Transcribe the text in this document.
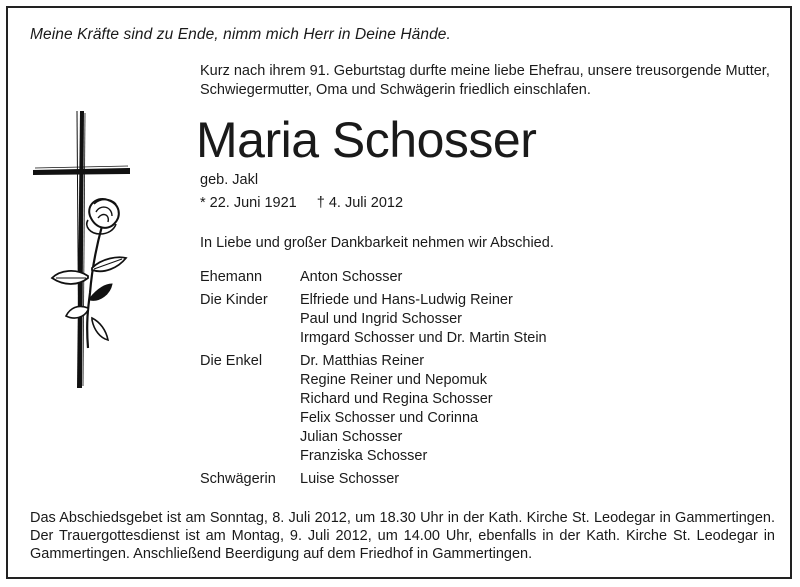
Meine Kräfte sind zu Ende, nimm mich Herr in Deine Hände.
Kurz nach ihrem 91. Geburtstag durfte meine liebe Ehefrau, unsere treusorgende Mutter, Schwiegermutter, Oma und Schwägerin friedlich einschlafen.
Maria Schosser
geb. Jakl
* 22. Juni 1921 † 4. Juli 2012
In Liebe und großer Dankbarkeit nehmen wir Abschied.
Ehemann	Anton Schosser
Die Kinder	Elfriede und Hans-Ludwig Reiner
Paul und Ingrid Schosser
Irmgard Schosser und Dr. Martin Stein
Die Enkel	Dr. Matthias Reiner
Regine Reiner und Nepomuk
Richard und Regina Schosser
Felix Schosser und Corinna
Julian Schosser
Franziska Schosser
Schwägerin	Luise Schosser
Das Abschiedsgebet ist am Sonntag, 8. Juli 2012, um 18.30 Uhr in der Kath. Kirche St. Leodegar in Gammertingen. Der Trauergottesdienst ist am Montag, 9. Juli 2012, um 14.00 Uhr, ebenfalls in der Kath. Kirche St. Leodegar in Gammertingen. Anschließend Beerdigung auf dem Friedhof in Gammertingen.
